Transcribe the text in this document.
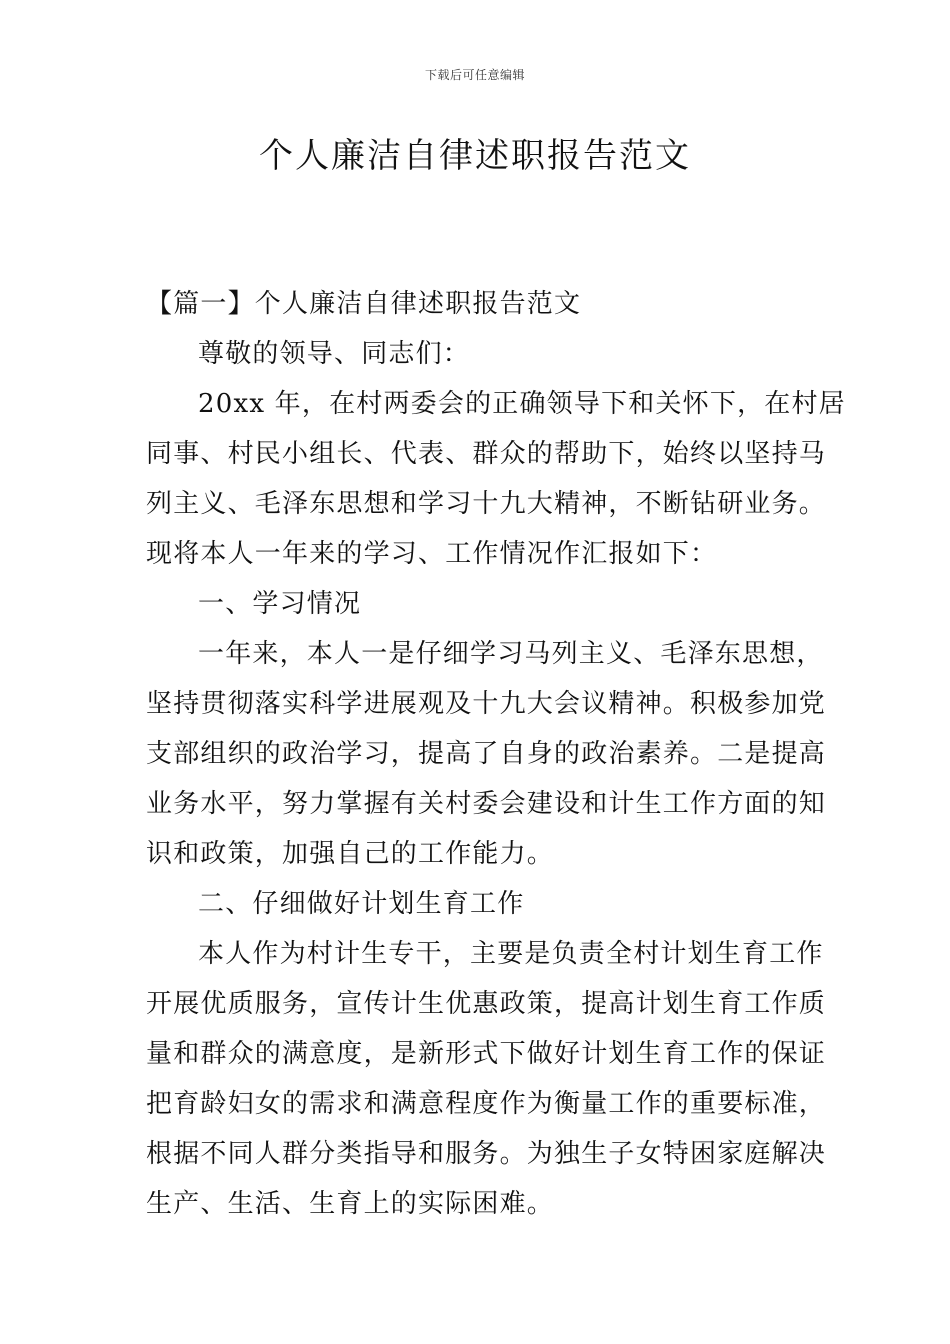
下载后可任意编辑
个人廉洁自律述职报告范文
【篇一】个人廉洁自律述职报告范文
尊敬的领导、同志们：
20xx 年，在村两委会的正确领导下和关怀下，在村居
同事、村民小组长、代表、群众的帮助下，始终以坚持马
列主义、毛泽东思想和学习十九大精神，不断钻研业务。
现将本人一年来的学习、工作情况作汇报如下：
一、学习情况
一年来，本人一是仔细学习马列主义、毛泽东思想，
坚持贯彻落实科学进展观及十九大会议精神。积极参加党
支部组织的政治学习，提高了自身的政治素养。二是提高
业务水平，努力掌握有关村委会建设和计生工作方面的知
识和政策，加强自己的工作能力。
二、仔细做好计划生育工作
本人作为村计生专干，主要是负责全村计划生育工作
开展优质服务，宣传计生优惠政策，提高计划生育工作质
量和群众的满意度，是新形式下做好计划生育工作的保证
把育龄妇女的需求和满意程度作为衡量工作的重要标准，
根据不同人群分类指导和服务。为独生子女特困家庭解决
生产、生活、生育上的实际困难。
